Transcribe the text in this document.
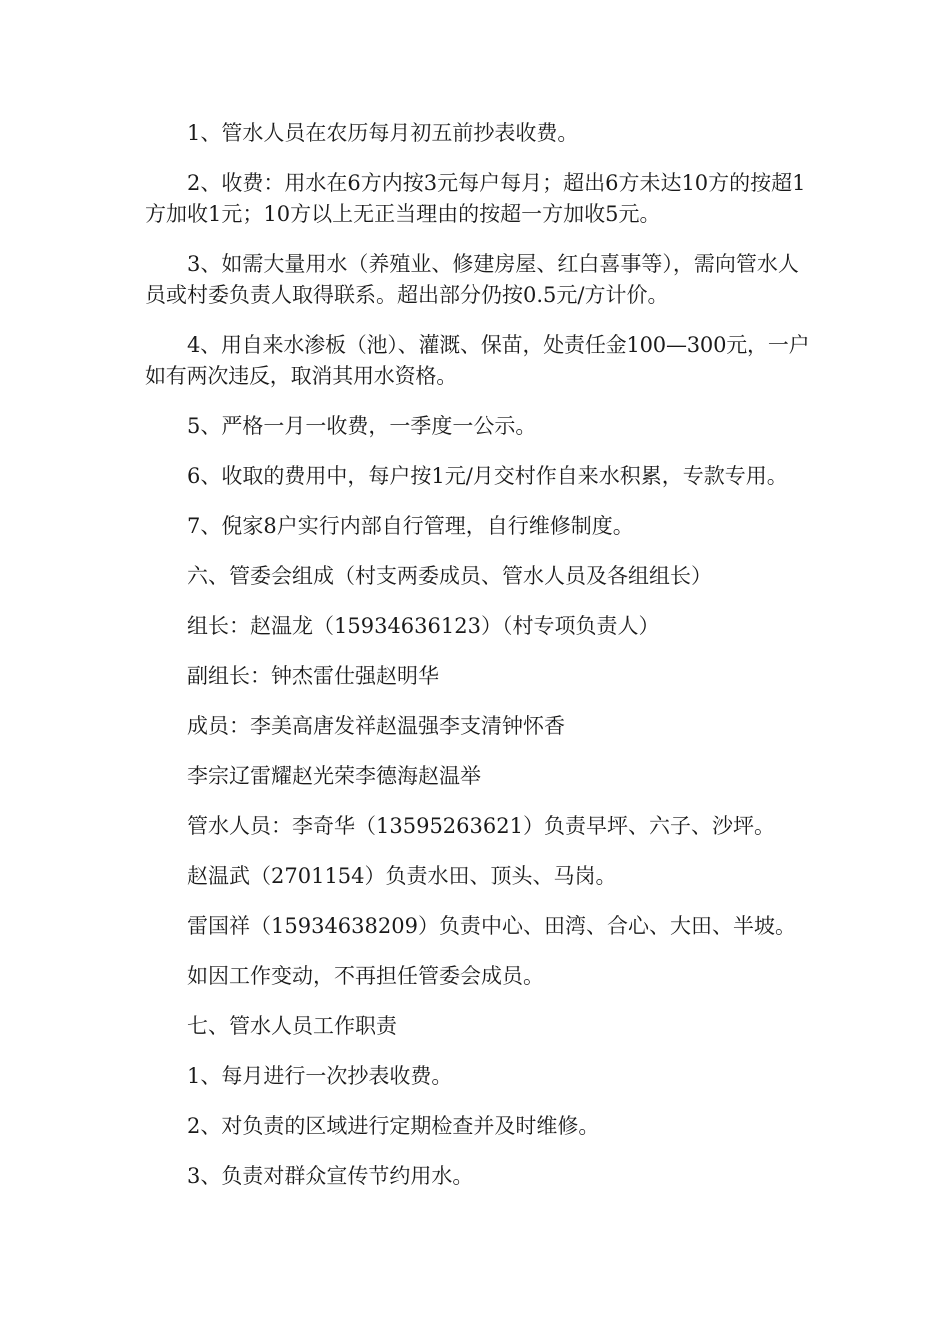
1、管水人员在农历每月初五前抄表收费。

2、收费：用水在6方内按3元每户每月；超出6方未达10方的按超1方加收1元；10方以上无正当理由的按超一方加收5元。

3、如需大量用水（养殖业、修建房屋、红白喜事等），需向管水人员或村委负责人取得联系。超出部分仍按0.5元/方计价。

4、用自来水渗板（池）、灌溉、保苗，处责任金100—300元，一户如有两次违反，取消其用水资格。

5、严格一月一收费，一季度一公示。

6、收取的费用中，每户按1元/月交村作自来水积累，专款专用。

7、倪家8户实行内部自行管理，自行维修制度。

六、管委会组成（村支两委成员、管水人员及各组组长）

组长：赵温龙（15934636123）（村专项负责人）

副组长：钟杰雷仕强赵明华

成员：李美高唐发祥赵温强李支清钟怀香

李宗辽雷耀赵光荣李德海赵温举

管水人员：李奇华（13595263621）负责早坪、六子、沙坪。

赵温武（2701154）负责水田、顶头、马岗。

雷国祥（15934638209）负责中心、田湾、合心、大田、半坡。

如因工作变动，不再担任管委会成员。

七、管水人员工作职责

1、每月进行一次抄表收费。

2、对负责的区域进行定期检查并及时维修。

3、负责对群众宣传节约用水。
